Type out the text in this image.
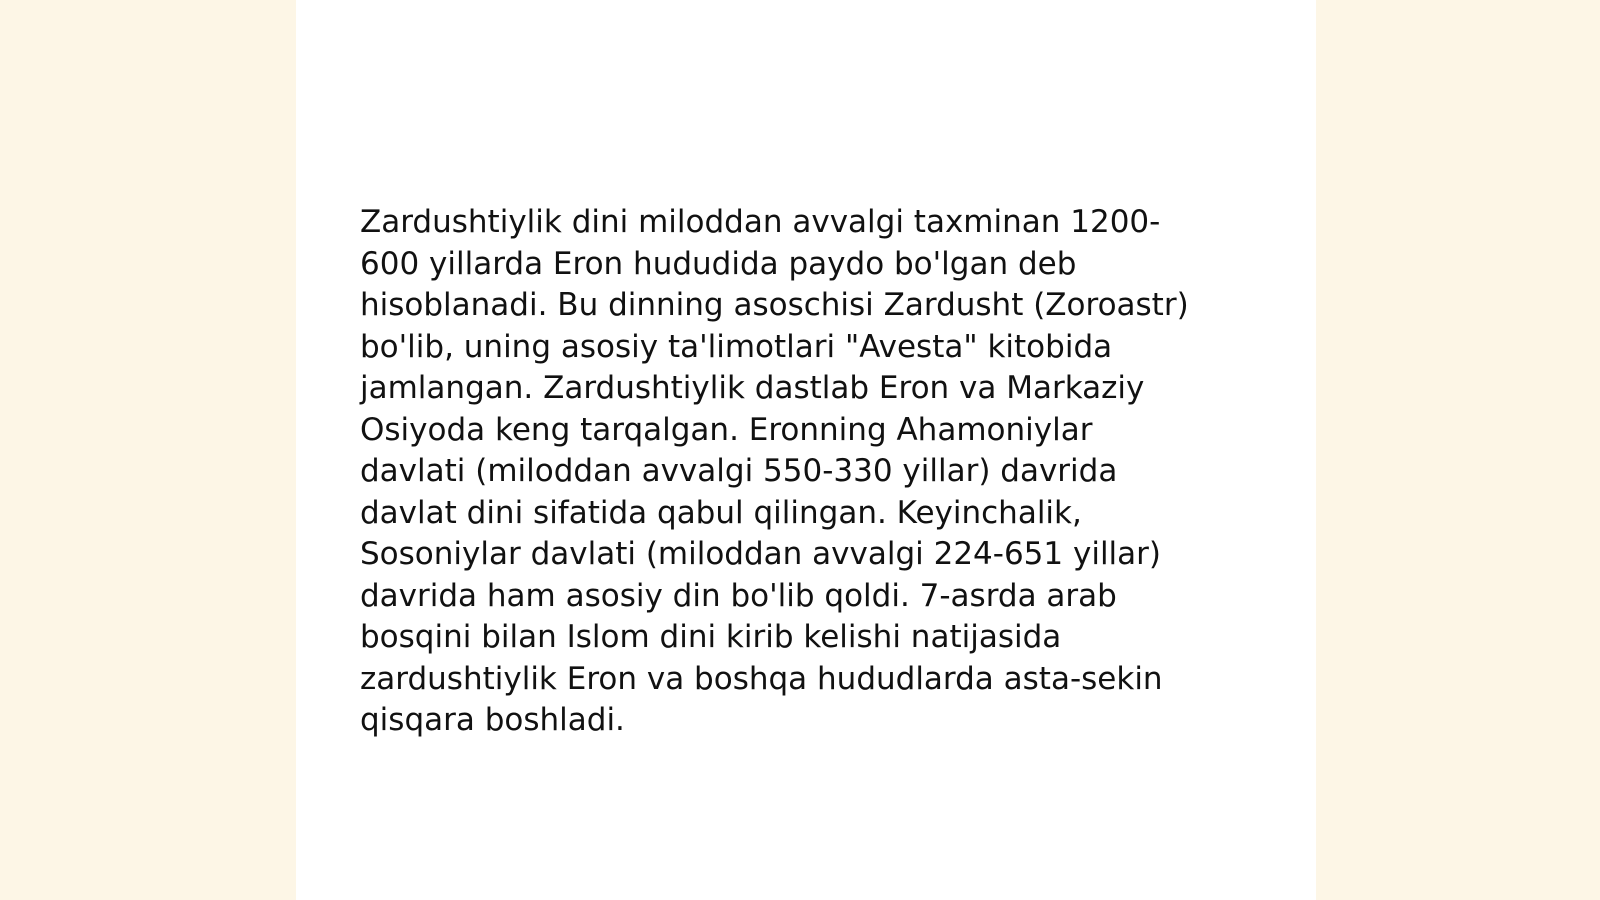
Zardushtiylik dini miloddan avvalgi taxminan 1200-
600 yillarda Eron hududida paydo bo'lgan deb
hisoblanadi. Bu dinning asoschisi Zardusht (Zoroastr)
bo'lib, uning asosiy ta'limotlari "Avesta" kitobida
jamlangan. Zardushtiylik dastlab Eron va Markaziy
Osiyoda keng tarqalgan. Eronning Ahamoniylar
davlati (miloddan avvalgi 550-330 yillar) davrida
davlat dini sifatida qabul qilingan. Keyinchalik,
Sosoniylar davlati (miloddan avvalgi 224-651 yillar)
davrida ham asosiy din bo'lib qoldi. 7-asrda arab
bosqini bilan Islom dini kirib kelishi natijasida
zardushtiylik Eron va boshqa hududlarda asta-sekin
qisqara boshladi.
